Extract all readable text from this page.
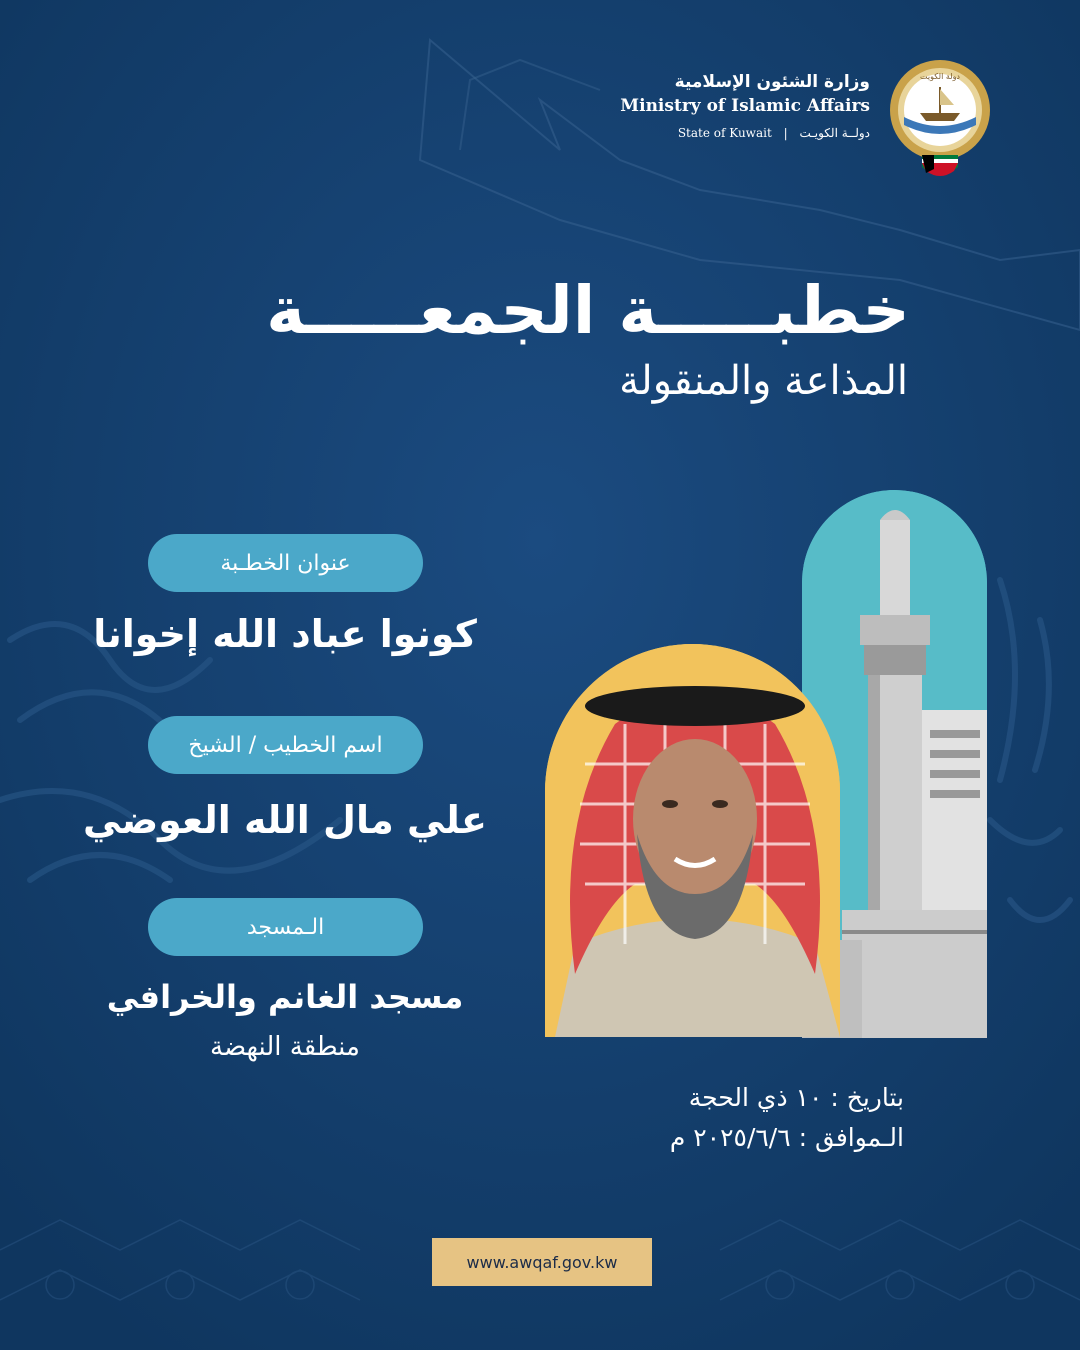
وزارة الشئون الإسلامية
Ministry of Islamic Affairs
State of Kuwait | دولــة الكويـت
دولة الكويت
خطبـــــة الجمعـــــة
المذاعة والمنقولة
عنوان الخطـبة
كونوا عباد الله إخوانا
اسم الخطيب / الشيخ
علي مال الله العوضي
الـمسجد
مسجد الغانم والخرافي
منطقة النهضة
بتاريخ : ١٠ ذي الحجة
الـموافق : ٢٠٢٥/٦/٦ م
www.awqaf.gov.kw
